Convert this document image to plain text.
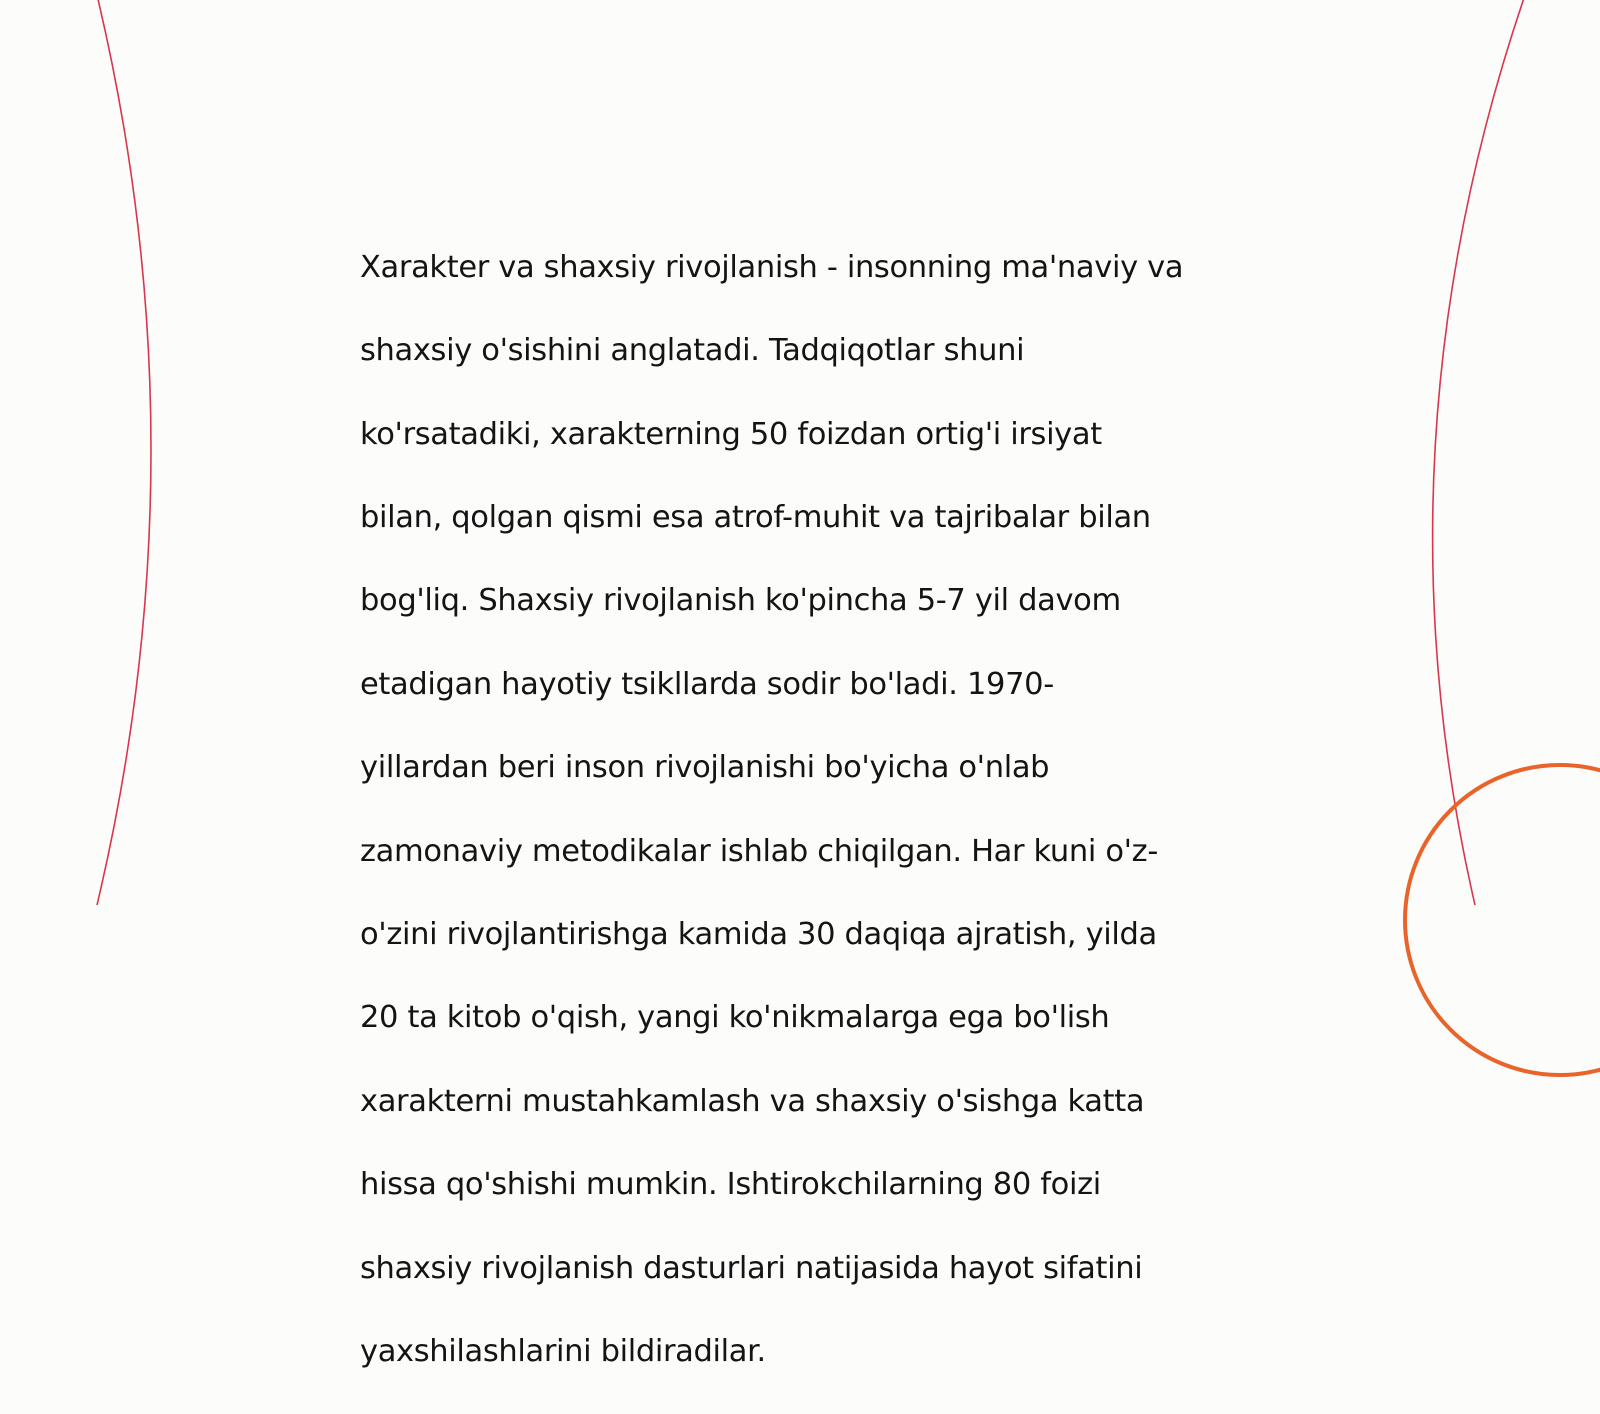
Xarakter va shaxsiy rivojlanish - insonning ma'naviy va

shaxsiy o'sishini anglatadi. Tadqiqotlar shuni

ko'rsatadiki, xarakterning 50 foizdan ortig'i irsiyat

bilan, qolgan qismi esa atrof-muhit va tajribalar bilan

bog'liq. Shaxsiy rivojlanish ko'pincha 5-7 yil davom

etadigan hayotiy tsikllarda sodir bo'ladi. 1970-

yillardan beri inson rivojlanishi bo'yicha o'nlab

zamonaviy metodikalar ishlab chiqilgan. Har kuni o'z-

o'zini rivojlantirishga kamida 30 daqiqa ajratish, yilda

20 ta kitob o'qish, yangi ko'nikmalarga ega bo'lish

xarakterni mustahkamlash va shaxsiy o'sishga katta

hissa qo'shishi mumkin. Ishtirokchilarning 80 foizi

shaxsiy rivojlanish dasturlari natijasida hayot sifatini

yaxshilashlarini bildiradilar.
